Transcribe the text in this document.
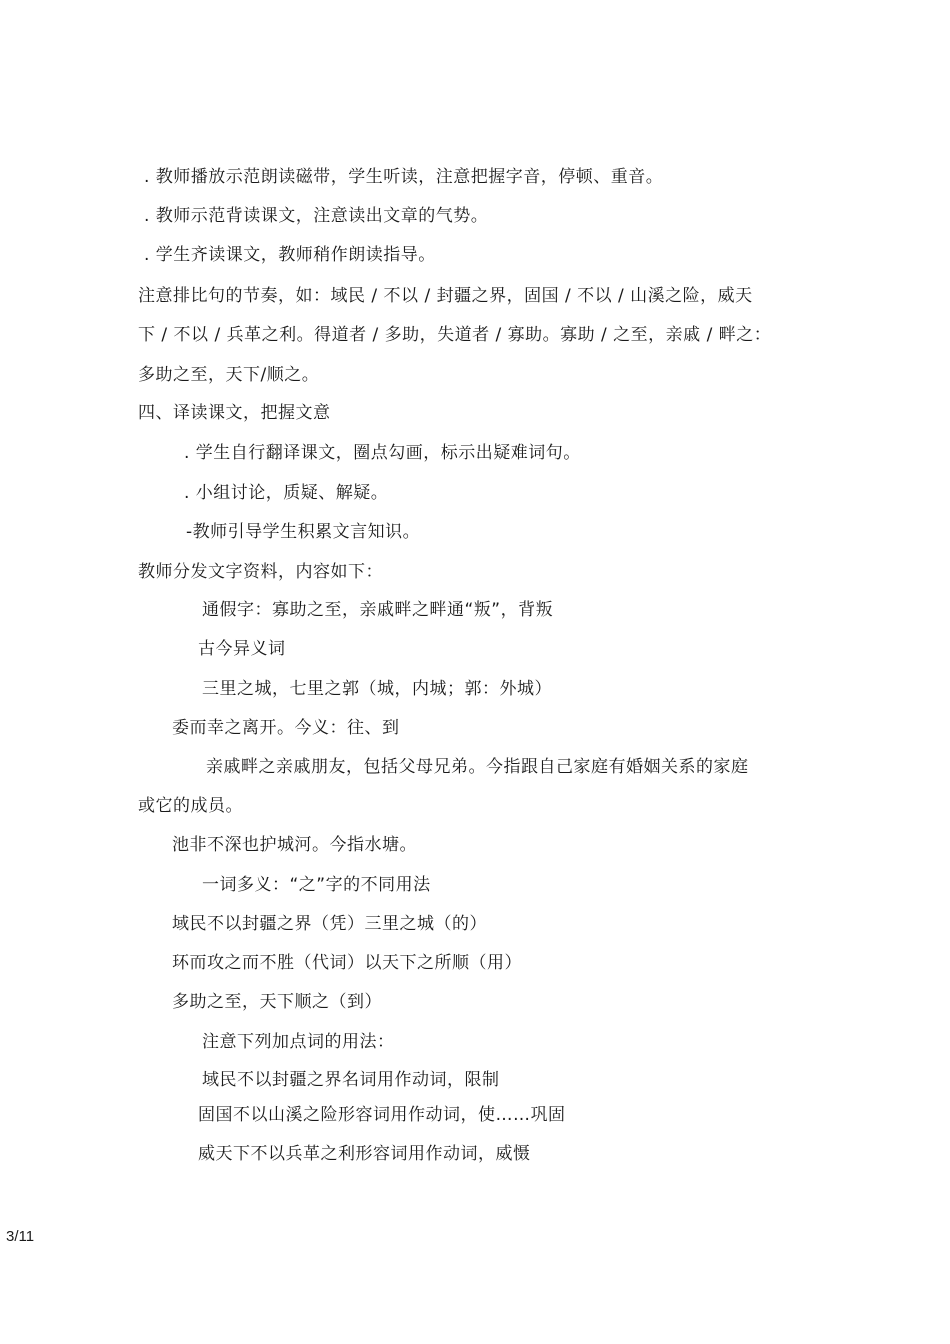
. 教师播放示范朗读磁带，学生听读，注意把握字音，停顿、重音。
. 教师示范背读课文，注意读出文章的气势。
. 学生齐读课文，教师稍作朗读指导。
注意排比句的节奏，如：域民 / 不以 / 封疆之界，固国 / 不以 / 山溪之险，威天
下 / 不以 / 兵革之利。得道者 / 多助，失道者 / 寡助。寡助 / 之至，亲戚 / 畔之：
多助之至，天下/顺之。
四、译读课文，把握文意
. 学生自行翻译课文，圈点勾画，标示出疑难词句。
. 小组讨论，质疑、解疑。
-教师引导学生积累文言知识。
教师分发文字资料，内容如下：
通假字：寡助之至，亲戚畔之畔通“叛”，背叛
古今异义词
三里之城，七里之郭（城，内城；郭：外城）
委而幸之离开。今义：往、到
亲戚畔之亲戚朋友，包括父母兄弟。今指跟自己家庭有婚姻关系的家庭
或它的成员。
池非不深也护城河。今指水塘。
一词多义：“之”字的不同用法
域民不以封疆之界（凭）三里之城（的）
环而攻之而不胜（代词）以天下之所顺（用）
多助之至，天下顺之（到）
注意下列加点词的用法：
域民不以封疆之界名词用作动词，限制
固国不以山溪之险形容词用作动词，使……巩固
威天下不以兵革之利形容词用作动词，威慑
3/11
